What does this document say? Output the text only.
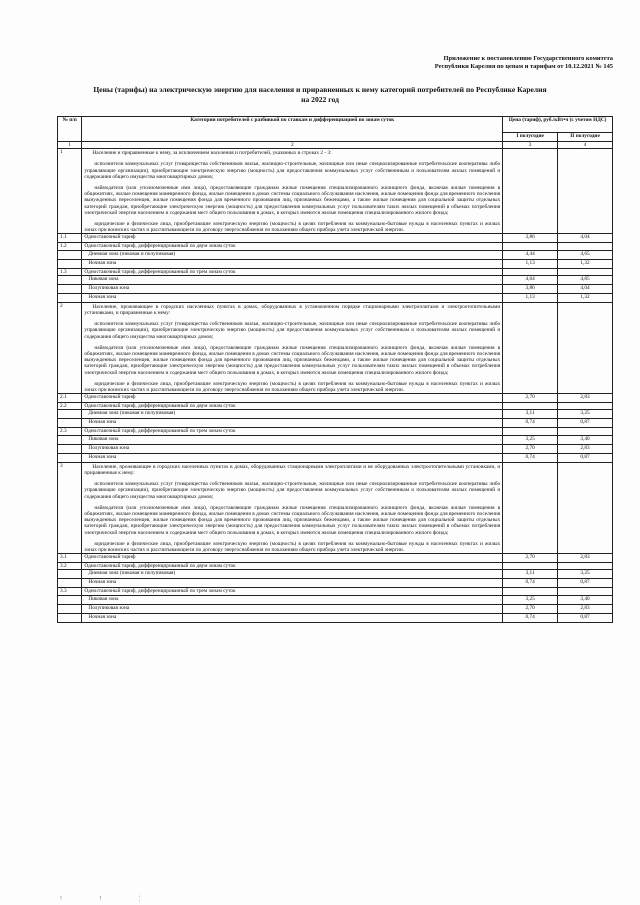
Приложение к постановлению Государственного комитета
Республики Карелия по ценам и тарифам от 10.12.2021 № 145
Цены (тарифы) на электрическую энергию для населения и приравненных к нему категорий потребителей по Республике Карелия
на 2022 год
№ п/п	Категории потребителей с разбивкой по ставкам и дифференциацией по зонам суток	Цена (тариф), руб./кВт•ч (с учетом НДС)	
		I полугодие	II полугодие
1	2	3	4
1	Население и приравненные к нему, за исключением населения и потребителей, указанных в строках 2 - 3:
исполнители коммунальных услуг (товарищества собственников жилья, жилищно-строительные, жилищные или иные специализированные потребительские кооперативы либо управляющие организации), приобретающие электрическую энергию (мощность) для предоставления коммунальных услуг собственникам и пользователям жилых помещений и содержания общего имущества многоквартирных домов;
наймодатели (или уполномоченные ими лица), предоставляющие гражданам жилые помещения специализированного жилищного фонда, включая жилые помещения в общежитиях, жилые помещения маневренного фонда, жилые помещения в домах системы социального обслуживания населения, жилые помещения фонда для временного поселения вынужденных переселенцев, жилые помещения фонда для временного проживания лиц, признанных беженцами, а также жилые помещения для социальной защиты отдельных категорий граждан, приобретающие электрическую энергию (мощность) для предоставления коммунальных услуг пользователям таких жилых помещений в объемах потребления электрической энергии населением и содержания мест общего пользования в домах, в которых имеются жилые помещения специализированного жилого фонда;
юридические и физические лица, приобретающие электрическую энергию (мощность) в целях потребления на коммунально-бытовые нужды в населенных пунктах и жилых зонах при воинских частях и рассчитывающиеся по договору энергоснабжения по показаниям общего прибора учета электрической энергии.		

1.1	Одноставочный тариф	3,86	4,04
1.2	Одноставочный тариф, дифференцированный по двум зонам суток		
	Дневная зона (пиковая и полупиковая)	4,44	4,65
	Ночная зона	1,13	1,32
1.3	Одноставочный тариф, дифференцированный по трем зонам суток		
	Пиковая зона	4,64	4,85
	Полупиковая зона	3,86	4,04
	Ночная зона	1,13	1,32
2	Население, проживающее в городских населенных пунктах в домах, оборудованных в установленном порядке стационарными электроплитами и электроотопительными установками, и приравненные к нему:
исполнители коммунальных услуг (товарищества собственников жилья, жилищно-строительные, жилищные или иные специализированные потребительские кооперативы либо управляющие организации), приобретающие электрическую энергию (мощность) для предоставления коммунальных услуг собственникам и пользователям жилых помещений и содержания общего имущества многоквартирных домов;
наймодатели (или уполномоченные ими лица), предоставляющие гражданам жилые помещения специализированного жилищного фонда, включая жилые помещения в общежитиях, жилые помещения маневренного фонда, жилые помещения в домах системы социального обслуживания населения, жилые помещения фонда для временного поселения вынужденных переселенцев, жилые помещения фонда для временного проживания лиц, признанных беженцами, а также жилые помещения для социальной защиты отдельных категорий граждан, приобретающие электрическую энергию (мощность) для предоставления коммунальных услуг пользователям таких жилых помещений в объемах потребления электрической энергии населением и содержания мест общего пользования в домах, в которых имеются жилые помещения специализированного жилого фонда;
юридические и физические лица, приобретающие электрическую энергию (мощность) в целях потребления на коммунально-бытовые нужды в населенных пунктах и жилых зонах при воинских частях и рассчитывающиеся по договору энергоснабжения по показаниям общего прибора учета электрической энергии.		

2.1	Одноставочный тариф	2,70	2,83
2.2	Одноставочный тариф, дифференцированный по двум зонам суток		
	Дневная зона (пиковая и полупиковая)	3,11	3,25
	Ночная зона	0,74	0,87
2.3	Одноставочный тариф, дифференцированный по трем зонам суток		
	Пиковая зона	3,25	3,40
	Полупиковая зона	2,70	2,83
	Ночная зона	0,74	0,87
3	Население, проживающее в городских населенных пунктах в домах, оборудованных стационарными электроплитами и не оборудованных электроотопительными установками, и приравненные к нему:
исполнители коммунальных услуг (товарищества собственников жилья, жилищно-строительные, жилищные или иные специализированные потребительские кооперативы либо управляющие организации), приобретающие электрическую энергию (мощность) для предоставления коммунальных услуг собственникам и пользователям жилых помещений и содержания общего имущества многоквартирных домов;
наймодатели (или уполномоченные ими лица), предоставляющие гражданам жилые помещения специализированного жилищного фонда, включая жилые помещения в общежитиях, жилые помещения маневренного фонда, жилые помещения в домах системы социального обслуживания населения, жилые помещения фонда для временного поселения вынужденных переселенцев, жилые помещения фонда для временного проживания лиц, признанных беженцами, а также жилые помещения для социальной защиты отдельных категорий граждан, приобретающие электрическую энергию (мощность) для предоставления коммунальных услуг пользователям таких жилых помещений в объемах потребления электрической энергии населением и содержания мест общего пользования в домах, в которых имеются жилые помещения специализированного жилого фонда;
юридические и физические лица, приобретающие электрическую энергию (мощность) в целях потребления на коммунально-бытовые нужды в населенных пунктах и жилых зонах при воинских частях и рассчитывающиеся по договору энергоснабжения по показаниям общего прибора учета электрической энергии.		

3.1	Одноставочный тариф	2,70	2,83
3.2	Одноставочный тариф, дифференцированный по двум зонам суток		
	Дневная зона (пиковая и полупиковая)	3,11	3,25
	Ночная зона	0,74	0,87
3.3	Одноставочный тариф, дифференцированный по трем зонам суток		
	Пиковая зона	3,25	3,40
	Полупиковая зона	2,70	2,83
	Ночная зона	0,74	0,87
! ! ¦
